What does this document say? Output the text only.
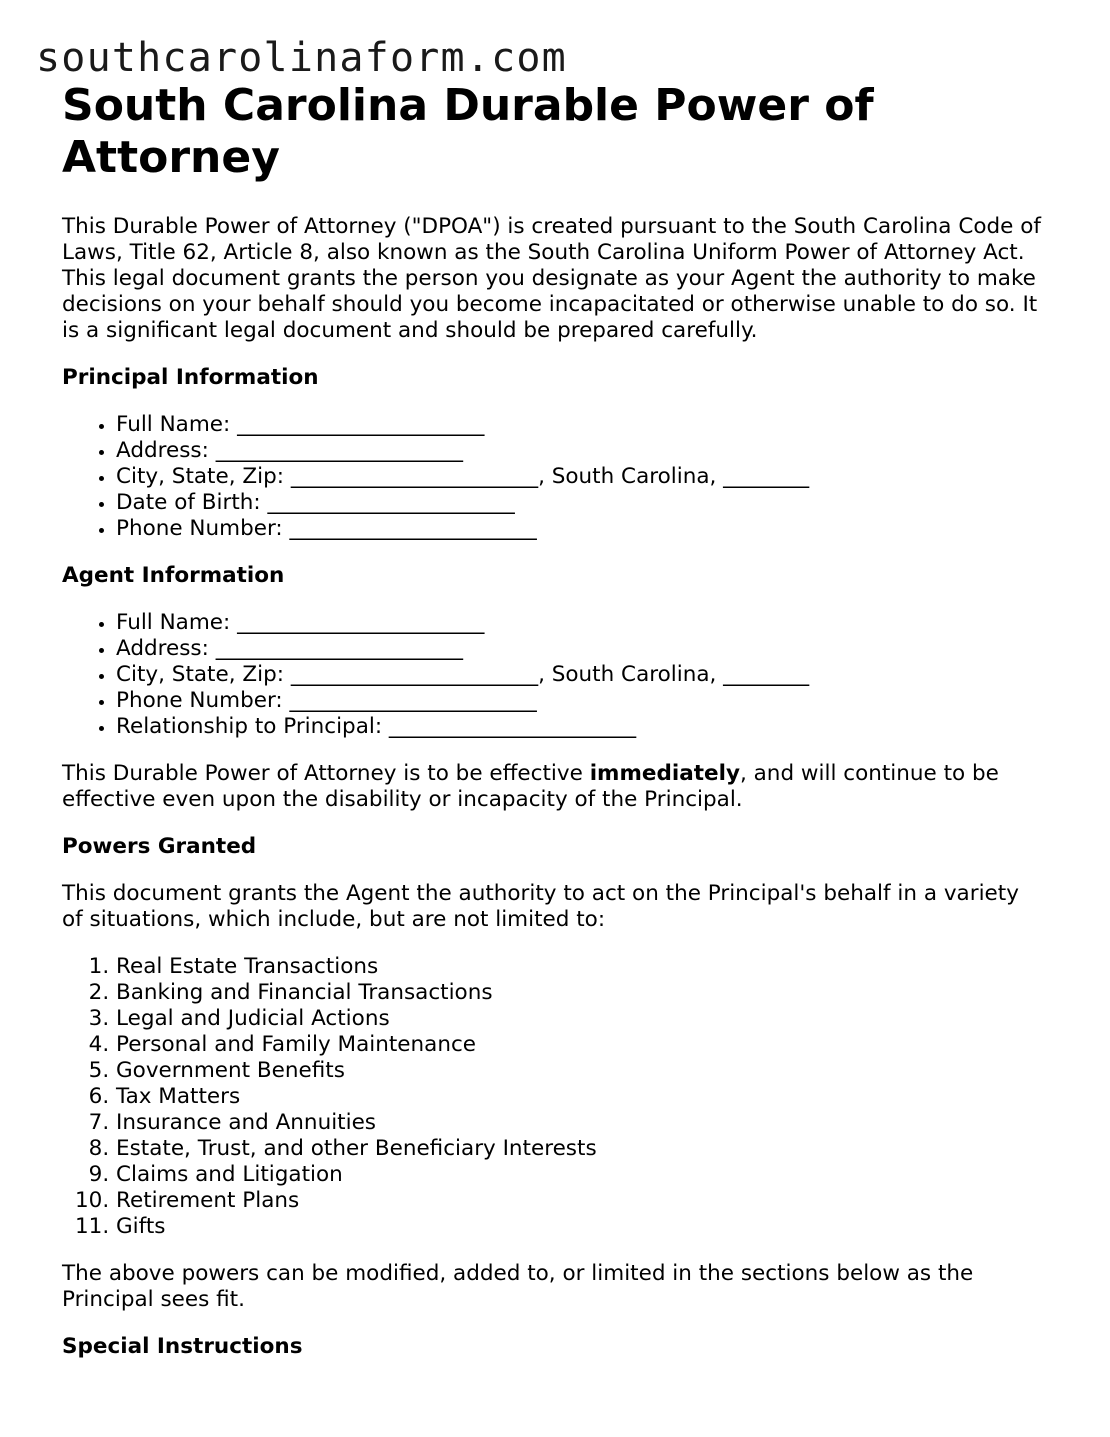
southcarolinaform.com
South Carolina Durable Power of Attorney

This Durable Power of Attorney ("DPOA") is created pursuant to the South Carolina Code of Laws, Title 62, Article 8, also known as the South Carolina Uniform Power of Attorney Act. This legal document grants the person you designate as your Agent the authority to make decisions on your behalf should you become incapacitated or otherwise unable to do so. It is a significant legal document and should be prepared carefully.

Principal Information
• Full Name: _______________________
• Address: _______________________
• City, State, Zip: _______________________, South Carolina, ________
• Date of Birth: _______________________
• Phone Number: _______________________
Agent Information
• Full Name: _______________________
• Address: _______________________
• City, State, Zip: _______________________, South Carolina, ________
• Phone Number: _______________________
• Relationship to Principal: _______________________

This Durable Power of Attorney is to be effective immediately, and will continue to be effective even upon the disability or incapacity of the Principal.

Powers Granted

This document grants the Agent the authority to act on the Principal's behalf in a variety of situations, which include, but are not limited to:

1. Real Estate Transactions
2. Banking and Financial Transactions
3. Legal and Judicial Actions
4. Personal and Family Maintenance
5. Government Benefits
6. Tax Matters
7. Insurance and Annuities
8. Estate, Trust, and other Beneficiary Interests
9. Claims and Litigation
10. Retirement Plans
11. Gifts

The above powers can be modified, added to, or limited in the sections below as the Principal sees fit.

Special Instructions
